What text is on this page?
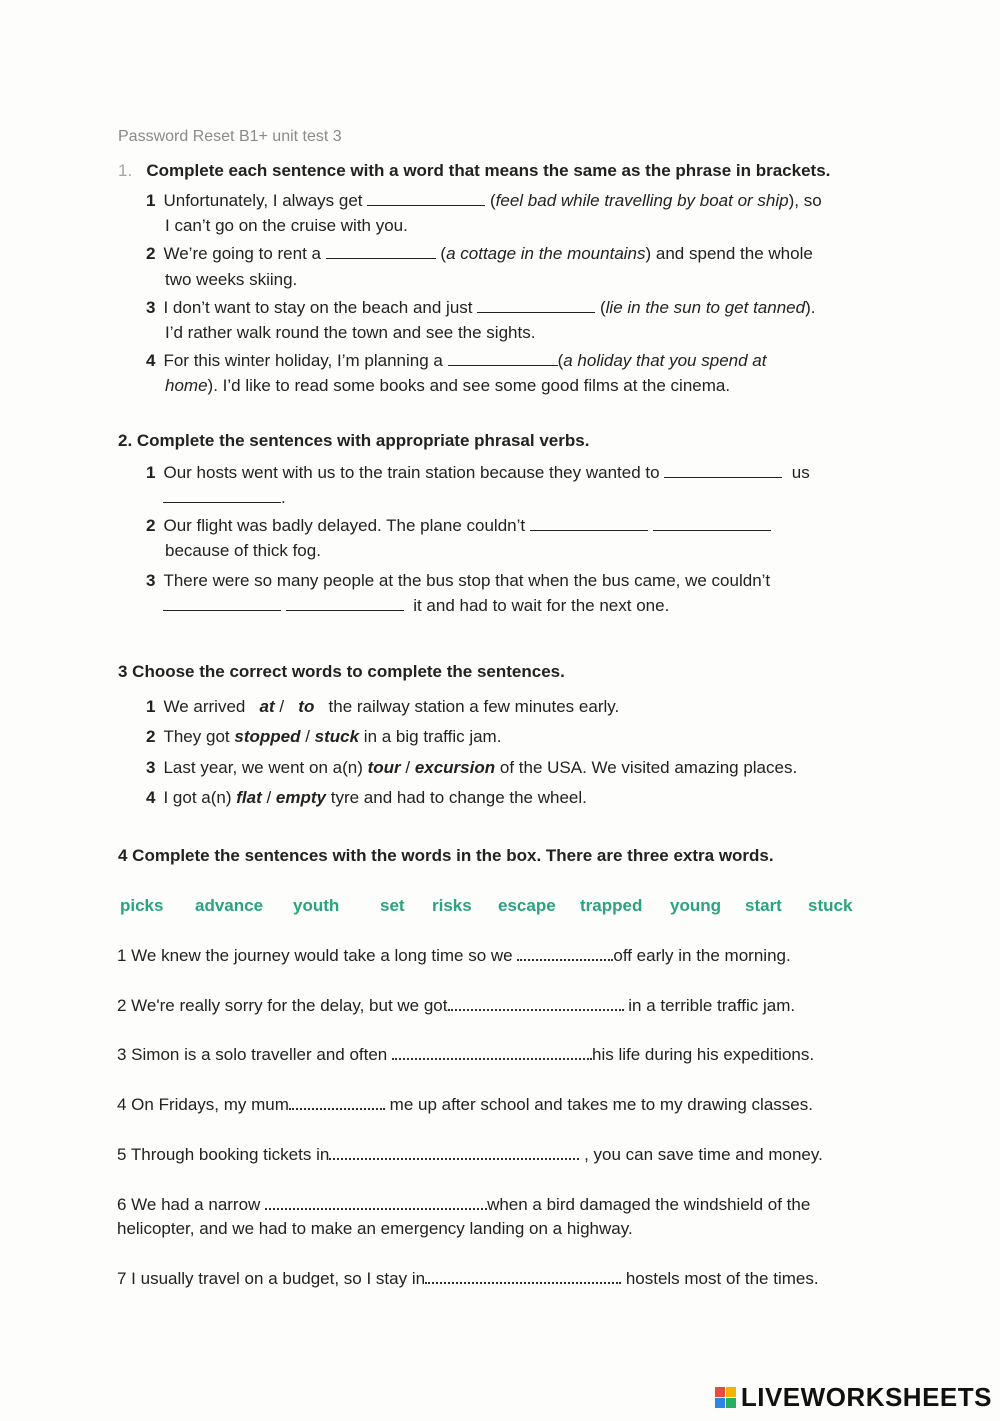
Password Reset B1+ unit test 3
1. Complete each sentence with a word that means the same as the phrase in brackets.
1 Unfortunately, I always get	(feel bad while travelling by boat or ship), so
I can’t go on the cruise with you.
2 We’re going to rent a	(a cottage in the mountains) and spend the whole
two weeks skiing.
3 I don’t want to stay on the beach and just	(lie in the sun to get tanned).
I’d rather walk round the town and see the sights.
4 For this winter holiday, I’m planning a	(a holiday that you spend at
home). I’d like to read some books and see some good films at the cinema.
2. Complete the sentences with appropriate phrasal verbs.
1 Our hosts went with us to the train station because they wanted to	us
.
2 Our flight was badly delayed. The plane couldn’t
because of thick fog.
3 There were so many people at the bus stop that when the bus came, we couldn’t
it and had to wait for the next one.
3 Choose the correct words to complete the sentences.
1 We arrived at / to the railway station a few minutes early.
2 They got stopped / stuck in a big traffic jam.
3 Last year, we went on a(n) tour / excursion of the USA. We visited amazing places.
4 I got a(n) flat / empty tyre and had to change the wheel.
4 Complete the sentences with the words in the box. There are three extra words.
picks advance youth set risks escape trapped young start stuck
1 We knew the journey would take a long time so we	off early in the morning.
2 We're really sorry for the delay, but we got	in a terrible traffic jam.
3 Simon is a solo traveller and often	his life during his expeditions.
4 On Fridays, my mum	me up after school and takes me to my drawing classes.
5 Through booking tickets in	, you can save time and money.
6 We had a narrow	when a bird damaged the windshield of the
helicopter, and we had to make an emergency landing on a highway.
7 I usually travel on a budget, so I stay in	hostels most of the times.
LIVEWORKSHEETS
